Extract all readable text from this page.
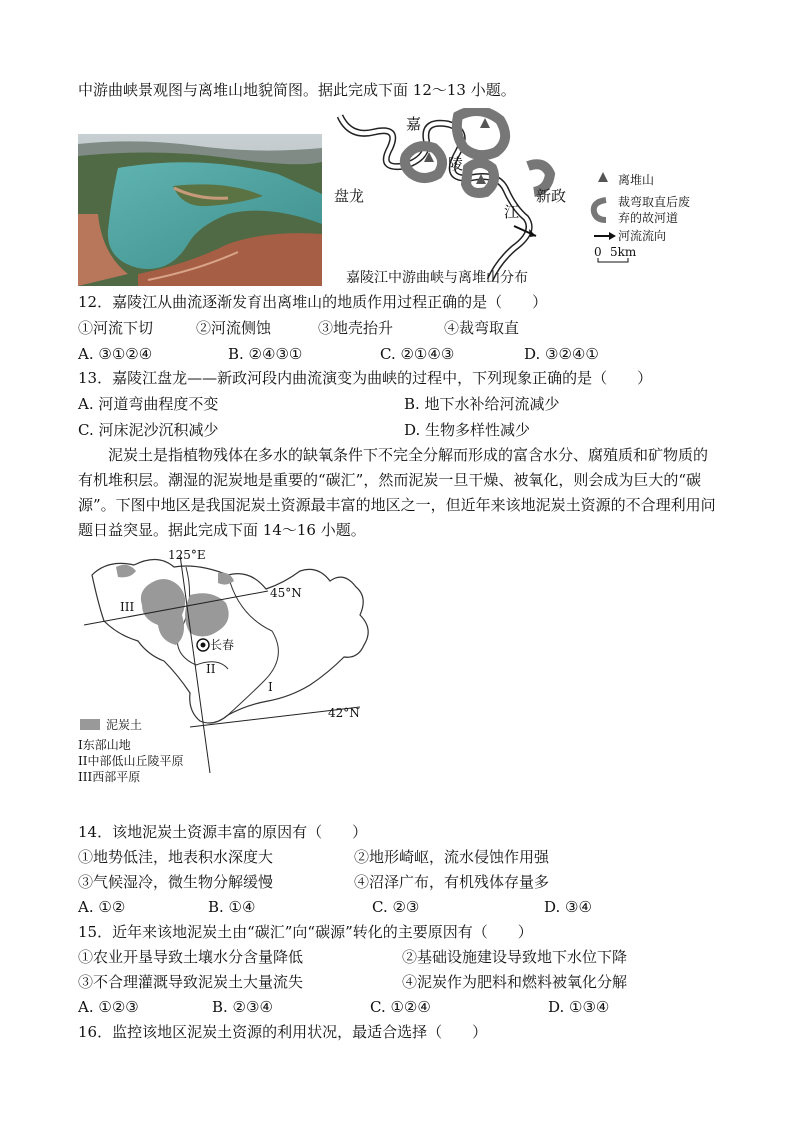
中游曲峡景观图与离堆山地貌简图。据此完成下面 12～13 小题。
嘉
陵
江
盘龙	新政
离堆山
裁弯取直后废
弃的故河道
河流流向
0 5km
嘉陵江中游曲峡与离堆山分布
12．嘉陵江从曲流逐渐发育出离堆山的地质作用过程正确的是（　　）
①河流下切	②河流侧蚀	③地壳抬升	④裁弯取直
A. ③①②④	B. ②④③①	C. ②①④③	D. ③②④①
13．嘉陵江盘龙——新政河段内曲流演变为曲峡的过程中，下列现象正确的是（　　）
A. 河道弯曲程度不变	B. 地下水补给河流减少
C. 河床泥沙沉积减少	D. 生物多样性减少
泥炭土是指植物残体在多水的缺氧条件下不完全分解而形成的富含水分、腐殖质和矿物质的有机堆积层。潮湿的泥炭地是重要的“碳汇”，然而泥炭一旦干燥、被氧化，则会成为巨大的“碳源”。下图中地区是我国泥炭土资源最丰富的地区之一，但近年来该地泥炭土资源的不合理利用问题日益突显。据此完成下面 14～16 小题。
125°E
45°N
42°N
长春
I
II
III
泥炭土
I东部山地
II中部低山丘陵平原
III西部平原
14．该地泥炭土资源丰富的原因有（　　）
①地势低洼，地表积水深度大	②地形崎岖，流水侵蚀作用强
③气候湿冷，微生物分解缓慢	④沼泽广布，有机残体存量多
A. ①②	B. ①④	C. ②③	D. ③④
15．近年来该地泥炭土由“碳汇”向“碳源”转化的主要原因有（　　）
①农业开垦导致土壤水分含量降低	②基础设施建设导致地下水位下降
③不合理灌溉导致泥炭土大量流失	④泥炭作为肥料和燃料被氧化分解
A. ①②③	B. ②③④	C. ①②④	D. ①③④
16．监控该地区泥炭土资源的利用状况，最适合选择（　　）
